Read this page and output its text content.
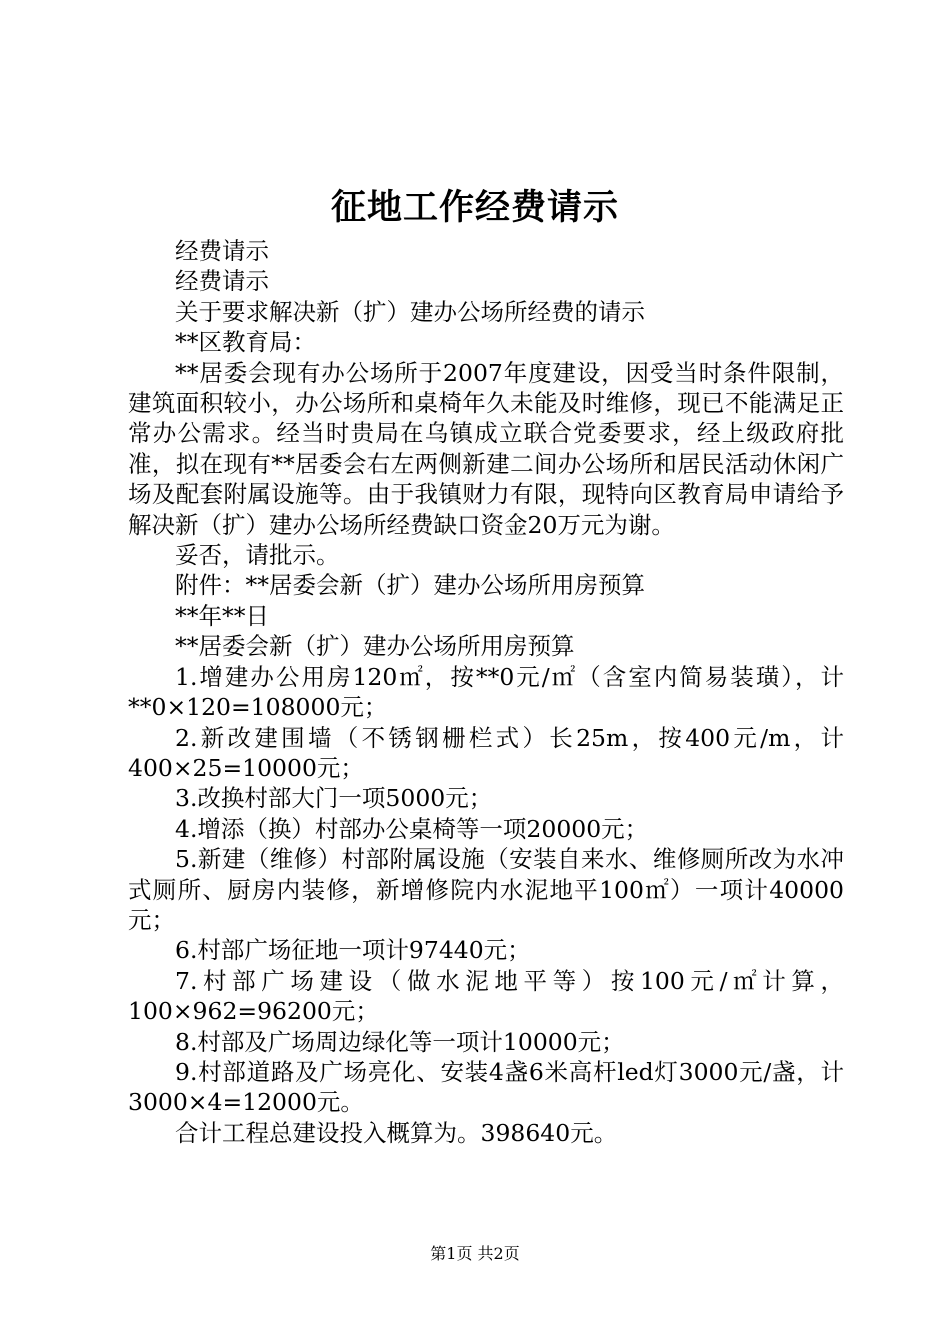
征地工作经费请示

经费请示

经费请示

关于要求解决新（扩）建办公场所经费的请示

**区教育局：

**居委会现有办公场所于2007年度建设，因受当时条件限制，建筑面积较小，办公场所和桌椅年久未能及时维修，现已不能满足正常办公需求。经当时贵局在乌镇成立联合党委要求，经上级政府批准，拟在现有**居委会右左两侧新建二间办公场所和居民活动休闲广场及配套附属设施等。由于我镇财力有限，现特向区教育局申请给予解决新（扩）建办公场所经费缺口资金20万元为谢。

妥否，请批示。

附件：**居委会新（扩）建办公场所用房预算

**年**日

**居委会新（扩）建办公场所用房预算

1.增建办公用房120㎡，按**0元/㎡（含室内简易装璜），计**0×120=108000元；

2.新改建围墙（不锈钢栅栏式）长25m，按400元/m，计400×25=10000元；

3.改换村部大门一项5000元；

4.增添（换）村部办公桌椅等一项20000元；

5.新建（维修）村部附属设施（安装自来水、维修厕所改为水冲式厕所、厨房内装修，新增修院内水泥地平100㎡）一项计40000元；

6.村部广场征地一项计97440元；

7.村部广场建设（做水泥地平等）按100元/㎡计算，100×962=96200元；

8.村部及广场周边绿化等一项计10000元；

9.村部道路及广场亮化、安装4盏6米高杆led灯3000元/盏，计3000×4=12000元。

合计工程总建设投入概算为。398640元。

第1页 共2页
